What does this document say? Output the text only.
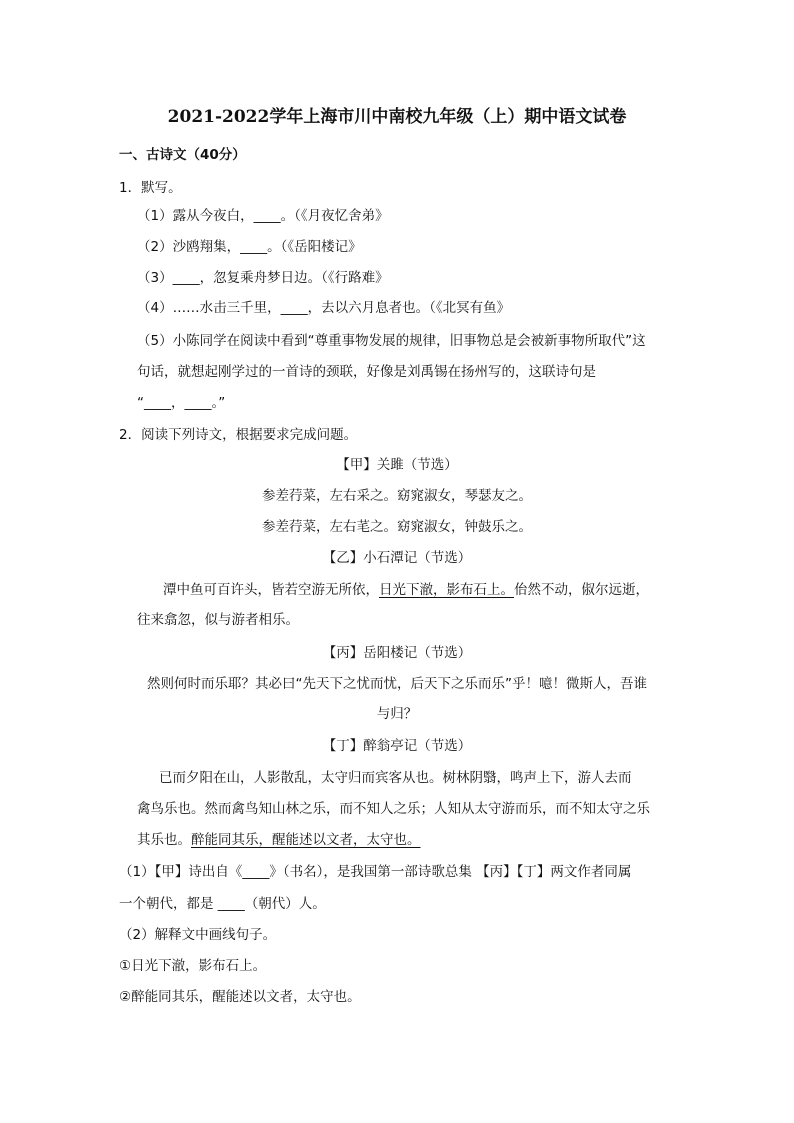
2021-2022学年上海市川中南校九年级（上）期中语文试卷
一、古诗文（40分）
1．默写。
（1）露从今夜白，____。（《月夜忆舍弟》
（2）沙鸥翔集，____。（《岳阳楼记》
（3）____，忽复乘舟梦日边。（《行路难》
（4）……水击三千里，____，去以六月息者也。（《北冥有鱼》
（5）小陈同学在阅读中看到“尊重事物发展的规律，旧事物总是会被新事物所取代”这
句话，就想起刚学过的一首诗的颈联，好像是刘禹锡在扬州写的，这联诗句是
“____，____。”
2．阅读下列诗文，根据要求完成问题。
【甲】关雎（节选）
参差荇菜，左右采之。窈窕淑女，琴瑟友之。
参差荇菜，左右芼之。窈窕淑女，钟鼓乐之。
【乙】小石潭记（节选）
潭中鱼可百许头，皆若空游无所依，日光下澈，影布石上。佁然不动，俶尔远逝，
往来翕忽，似与游者相乐。
【丙】岳阳楼记（节选）
然则何时而乐耶？其必曰“先天下之忧而忧，后天下之乐而乐”乎！噫！微斯人，吾谁
与归？
【丁】醉翁亭记（节选）
已而夕阳在山，人影散乱，太守归而宾客从也。树林阴翳，鸣声上下，游人去而
禽鸟乐也。然而禽鸟知山林之乐，而不知人之乐；人知从太守游而乐，而不知太守之乐
其乐也。醉能同其乐，醒能述以文者，太守也。
（1）【甲】诗出自《____》（书名），是我国第一部诗歌总集 【丙】【丁】两文作者同属
一个朝代，都是 ____（朝代）人。
（2）解释文中画线句子。
①日光下澈，影布石上。
②醉能同其乐，醒能述以文者，太守也。
